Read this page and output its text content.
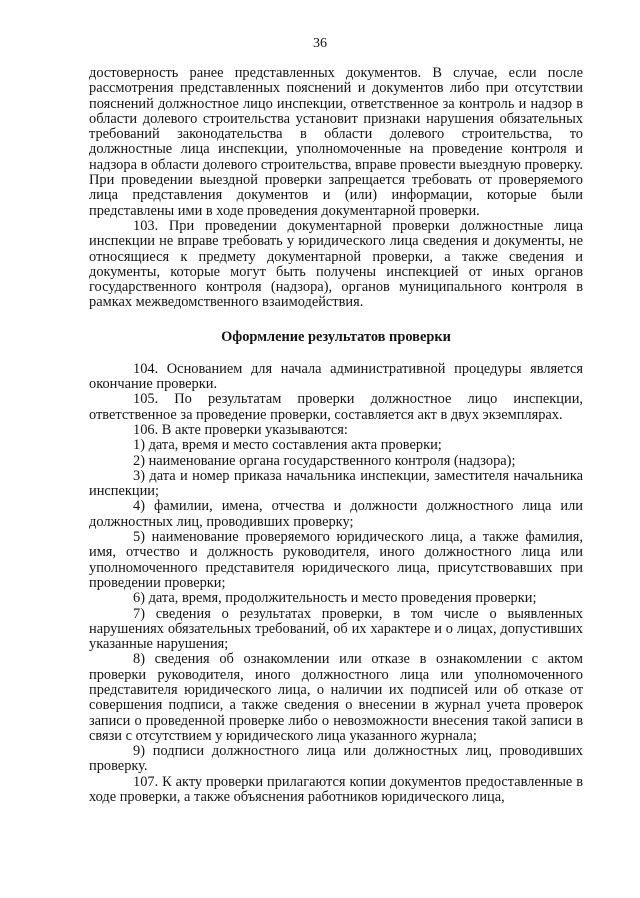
36

достоверность ранее представленных документов. В случае, если после рассмотрения представленных пояснений и документов либо при отсутствии пояснений должностное лицо инспекции, ответственное за контроль и надзор в области долевого строительства установит признаки нарушения обязательных требований законодательства в области долевого строительства, то должностные лица инспекции, уполномоченные на проведение контроля и надзора в области долевого строительства, вправе провести выездную проверку. При проведении выездной проверки запрещается требовать от проверяемого лица представления документов и (или) информации, которые были представлены ими в ходе проведения документарной проверки.

103. При проведении документарной проверки должностные лица инспекции не вправе требовать у юридического лица сведения и документы, не относящиеся к предмету документарной проверки, а также сведения и документы, которые могут быть получены инспекцией от иных органов государственного контроля (надзора), органов муниципального контроля в рамках межведомственного взаимодействия.

Оформление результатов проверки

104. Основанием для начала административной процедуры является окончание проверки.

105. По результатам проверки должностное лицо инспекции, ответственное за проведение проверки, составляется акт в двух экземплярах.

106. В акте проверки указываются:

1) дата, время и место составления акта проверки;

2) наименование органа государственного контроля (надзора);

3) дата и номер приказа начальника инспекции, заместителя начальника инспекции;

4) фамилии, имена, отчества и должности должностного лица или должностных лиц, проводивших проверку;

5) наименование проверяемого юридического лица, а также фамилия, имя, отчество и должность руководителя, иного должностного лица или уполномоченного представителя юридического лица, присутствовавших при проведении проверки;

6) дата, время, продолжительность и место проведения проверки;

7) сведения о результатах проверки, в том числе о выявленных нарушениях обязательных требований, об их характере и о лицах, допустивших указанные нарушения;

8) сведения об ознакомлении или отказе в ознакомлении с актом проверки руководителя, иного должностного лица или уполномоченного представителя юридического лица, о наличии их подписей или об отказе от совершения подписи, а также сведения о внесении в журнал учета проверок записи о проведенной проверке либо о невозможности внесения такой записи в связи с отсутствием у юридического лица указанного журнала;

9) подписи должностного лица или должностных лиц, проводивших проверку.

107. К акту проверки прилагаются копии документов предоставленные в ходе проверки, а также объяснения работников юридического лица,
